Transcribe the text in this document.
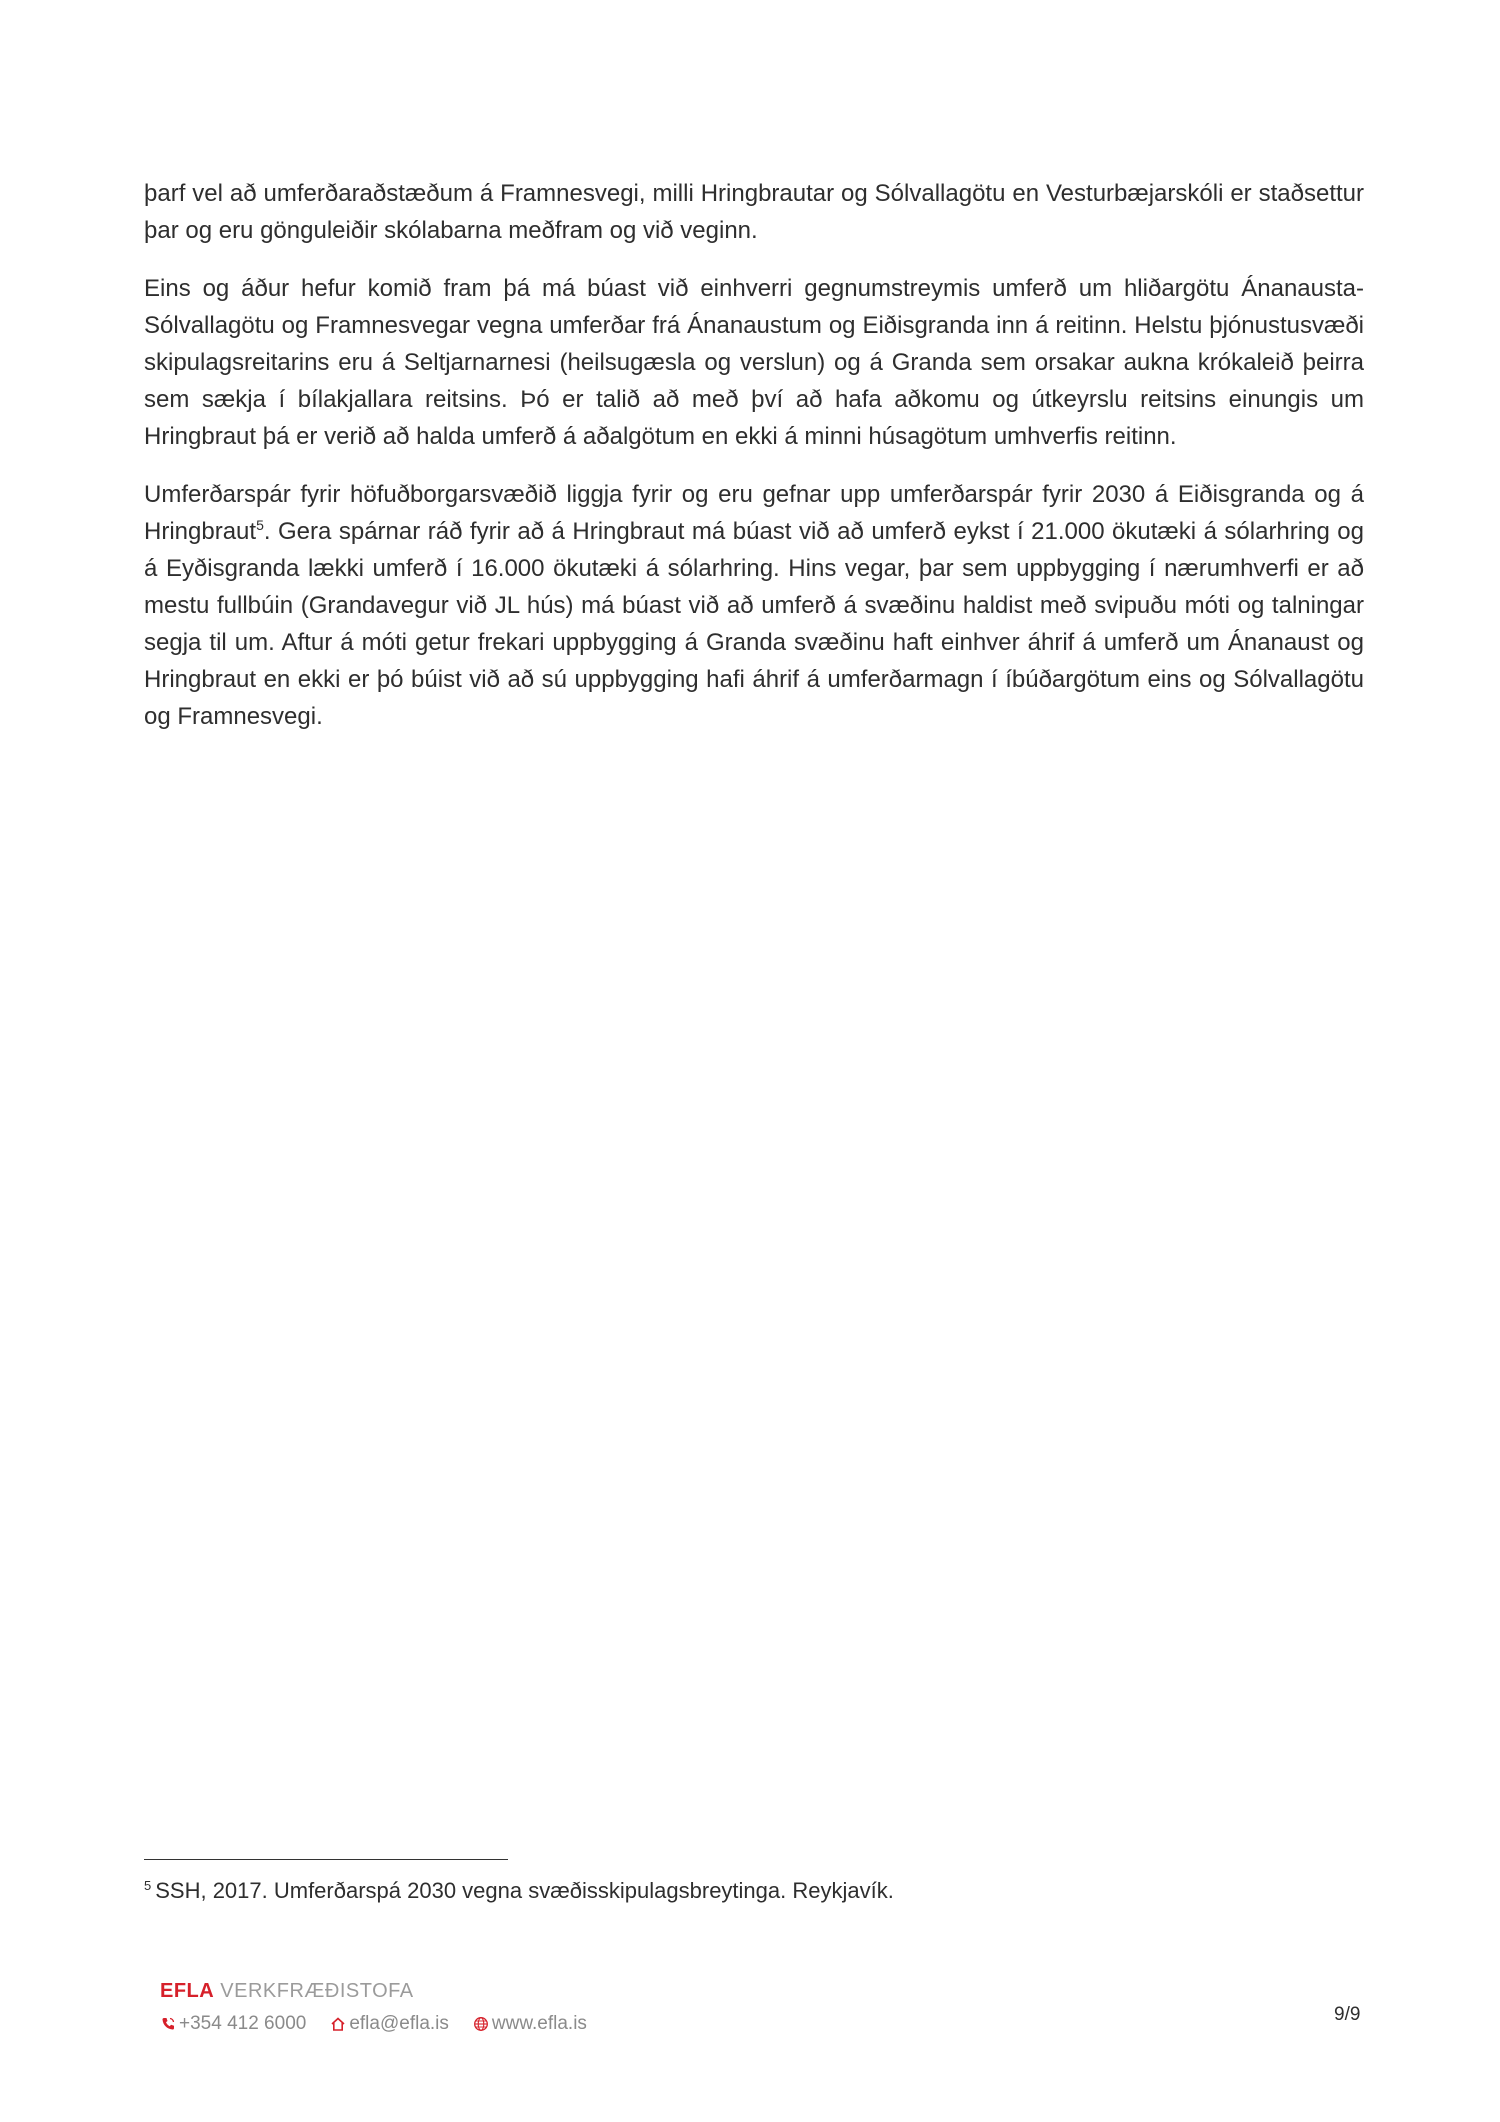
þarf vel að umferðaraðstæðum á Framnesvegi, milli Hringbrautar og Sólvallagötu en Vesturbæjarskóli er staðsettur þar og eru gönguleiðir skólabarna meðfram og við veginn.

Eins og áður hefur komið fram þá má búast við einhverri gegnumstreymis umferð um hliðargötu Ánanausta-Sólvallagötu og Framnesvegar vegna umferðar frá Ánanaustum og Eiðisgranda inn á reitinn. Helstu þjónustusvæði skipulagsreitarins eru á Seltjarnarnesi (heilsugæsla og verslun) og á Granda sem orsakar aukna krókaleið þeirra sem sækja í bílakjallara reitsins. Þó er talið að með því að hafa aðkomu og útkeyrslu reitsins einungis um Hringbraut þá er verið að halda umferð á aðalgötum en ekki á minni húsagötum umhverfis reitinn.

Umferðarspár fyrir höfuðborgarsvæðið liggja fyrir og eru gefnar upp umferðarspár fyrir 2030 á Eiðisgranda og á Hringbraut$^5$. Gera spárnar ráð fyrir að á Hringbraut má búast við að umferð eykst í 21.000 ökutæki á sólarhring og á Eyðisgranda lækki umferð í 16.000 ökutæki á sólarhring. Hins vegar, þar sem uppbygging í nærumhverfi er að mestu fullbúin (Grandavegur við JL hús) má búast við að umferð á svæðinu haldist með svipuðu móti og talningar segja til um. Aftur á móti getur frekari uppbygging á Granda svæðinu haft einhver áhrif á umferð um Ánanaust og Hringbraut en ekki er þó búist við að sú uppbygging hafi áhrif á umferðarmagn í íbúðargötum eins og Sólvallagötu og Framnesvegi.

$^5$ SSH, 2017. Umferðarspá 2030 vegna svæðisskipulagsbreytinga. Reykjavík.
EFLA VERKFRÆÐISTOFA
+354 412 6000 efla@efla.is www.efla.is	9/9
